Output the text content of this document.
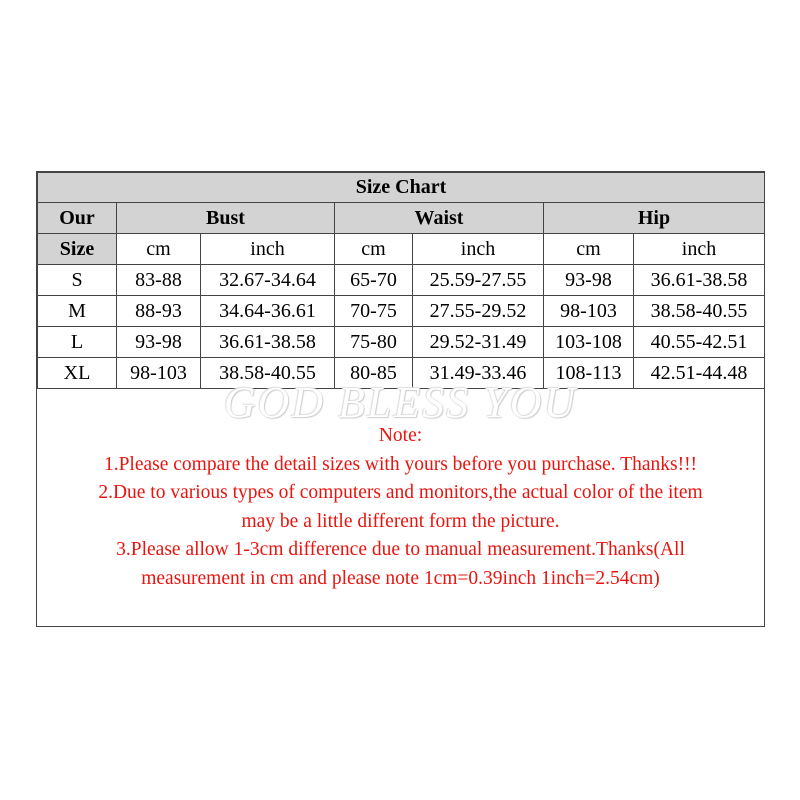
Size Chart						
Our	Bust		Waist		Hip	
Size	cm	inch	cm	inch	cm	inch
S	83-88	32.67-34.64	65-70	25.59-27.55	93-98	36.61-38.58
M	88-93	34.64-36.61	70-75	27.55-29.52	98-103	38.58-40.55
L	93-98	36.61-38.58	75-80	29.52-31.49	103-108	40.55-42.51
XL	98-103	38.58-40.55	80-85	31.49-33.46	108-113	42.51-44.48
GOD BLESS YOU
Note:
1.Please compare the detail sizes with yours before you purchase. Thanks!!!
2.Due to various types of computers and monitors,the actual color of the item
may be a little different form the picture.
3.Please allow 1-3cm difference due to manual measurement.Thanks(All
measurement in cm and please note 1cm=0.39inch 1inch=2.54cm)
